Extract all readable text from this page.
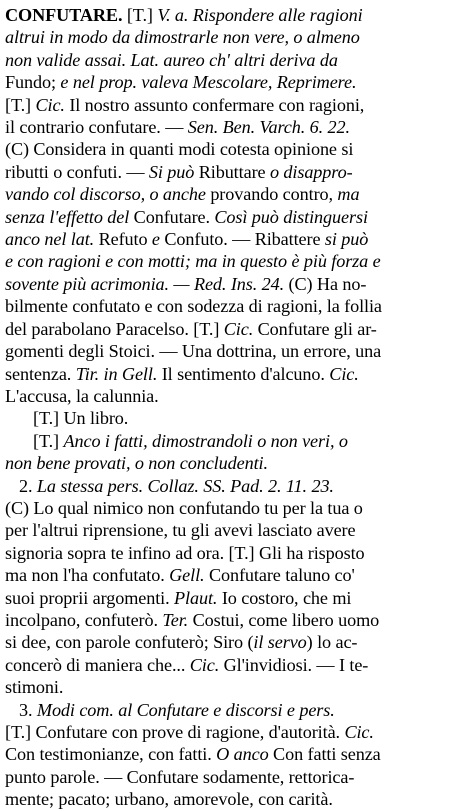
CONFUTARE. [T.] V. a. Rispondere alle ragioni

altrui in modo da dimostrarle non vere, o almeno

non valide assai. Lat. aureo ch' altri deriva da

Fundo; e nel prop. valeva Mescolare, Reprimere.

[T.] Cic. Il nostro assunto confermare con ragioni,

il contrario confutare. — Sen. Ben. Varch. 6. 22.

(C) Considera in quanti modi cotesta opinione si

ributti o confuti. — Si può Ributtare o disappro-

vando col discorso, o anche provando contro, ma

senza l'effetto del Confutare. Così può distinguersi

anco nel lat. Refuto e Confuto. — Ribattere si può

e con ragioni e con motti; ma in questo è più forza e

sovente più acrimonia. — Red. Ins. 24. (C) Ha no-

bilmente confutato e con sodezza di ragioni, la follia

del parabolano Paracelso. [T.] Cic. Confutare gli ar-

gomenti degli Stoici. — Una dottrina, un errore, una

sentenza. Tir. in Gell. Il sentimento d'alcuno. Cic.

L'accusa, la calunnia.

[T.] Un libro.

[T.] Anco i fatti, dimostrandoli o non veri, o

non bene provati, o non concludenti.

2. La stessa pers. Collaz. SS. Pad. 2. 11. 23.

(C) Lo qual nimico non confutando tu per la tua o

per l'altrui riprensione, tu gli avevi lasciato avere

signoria sopra te infino ad ora. [T.] Gli ha risposto

ma non l'ha confutato. Gell. Confutare taluno co'

suoi proprii argomenti. Plaut. Io costoro, che mi

incolpano, confuterò. Ter. Costui, come libero uomo

si dee, con parole confuterò; Siro (il servo) lo ac-

concerò di maniera che... Cic. Gl'invidiosi. — I te-

stimoni.

3. Modi com. al Confutare e discorsi e pers.

[T.] Confutare con prove di ragione, d'autorità. Cic.

Con testimonianze, con fatti. O anco Con fatti senza

punto parole. — Confutare sodamente, rettorica-

mente; pacato; urbano, amorevole, con carità.
